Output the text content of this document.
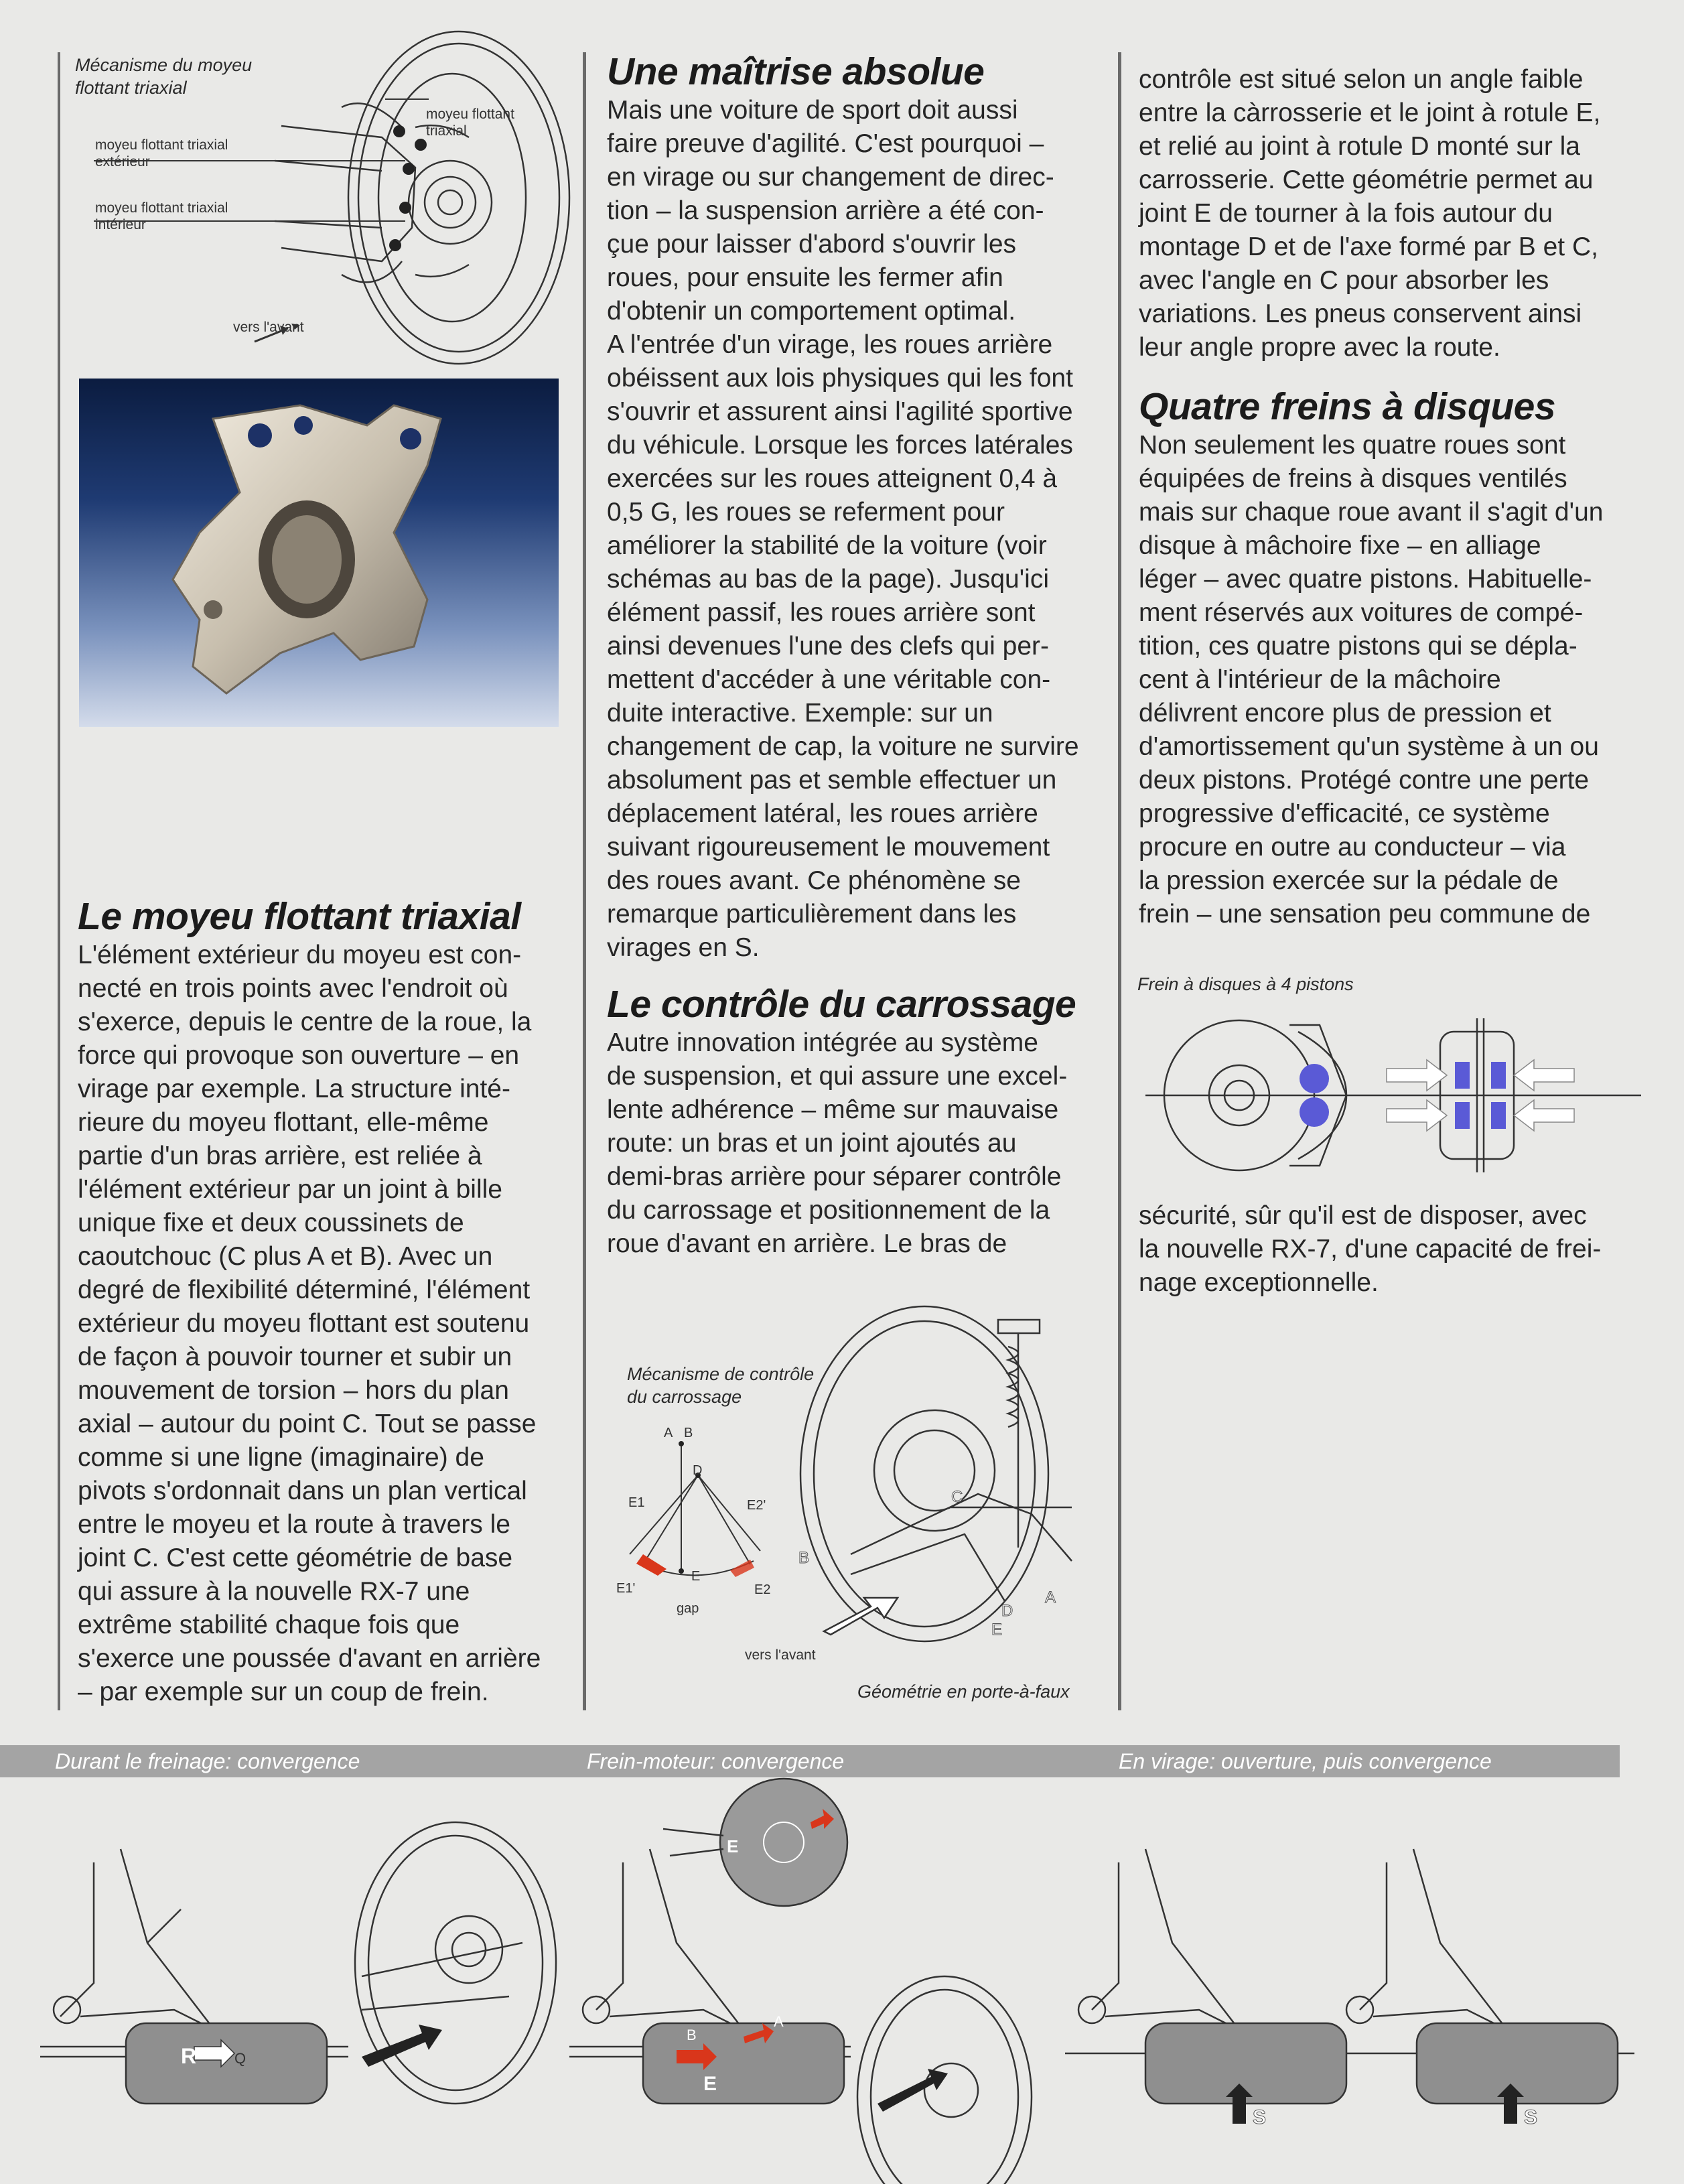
Mécanisme du moyeu
flottant triaxial
moyeu flottant
triaxial
moyeu flottant triaxial
extérieur
moyeu flottant triaxial
intérieur
vers l'avant
Le moyeu flottant triaxial

L'élément extérieur du moyeu est con-
necté en trois points avec l'endroit où
s'exerce, depuis le centre de la roue, la
force qui provoque son ouverture – en
virage par exemple. La structure inté-
rieure du moyeu flottant, elle-même
partie d'un bras arrière, est reliée à
l'élément extérieur par un joint à bille
unique fixe et deux coussinets de
caoutchouc (C plus A et B). Avec un
degré de flexibilité déterminé, l'élément
extérieur du moyeu flottant est soutenu
de façon à pouvoir tourner et subir un
mouvement de torsion – hors du plan
axial – autour du point C. Tout se passe
comme si une ligne (imaginaire) de
pivots s'ordonnait dans un plan vertical
entre le moyeu et la route à travers le
joint C. C'est cette géométrie de base
qui assure à la nouvelle RX-7 une
extrême stabilité chaque fois que
s'exerce une poussée d'avant en arrière
– par exemple sur un coup de frein.

Une maîtrise absolue

Mais une voiture de sport doit aussi
faire preuve d'agilité. C'est pourquoi –
en virage ou sur changement de direc-
tion – la suspension arrière a été con-
çue pour laisser d'abord s'ouvrir les
roues, pour ensuite les fermer afin
d'obtenir un comportement optimal.
A l'entrée d'un virage, les roues arrière
obéissent aux lois physiques qui les font
s'ouvrir et assurent ainsi l'agilité sportive
du véhicule. Lorsque les forces latérales
exercées sur les roues atteignent 0,4 à
0,5 G, les roues se referment pour
améliorer la stabilité de la voiture (voir
schémas au bas de la page). Jusqu'ici
élément passif, les roues arrière sont
ainsi devenues l'une des clefs qui per-
mettent d'accéder à une véritable con-
duite interactive. Exemple: sur un
changement de cap, la voiture ne survire
absolument pas et semble effectuer un
déplacement latéral, les roues arrière
suivant rigoureusement le mouvement
des roues avant. Ce phénomène se
remarque particulièrement dans les
virages en S.

Le contrôle du carrossage

Autre innovation intégrée au système
de suspension, et qui assure une excel-
lente adhérence – même sur mauvaise
route: un bras et un joint ajoutés au
demi-bras arrière pour séparer contrôle
du carrossage et positionnement de la
roue d'avant en arrière. Le bras de

Mécanisme de contrôle
du carrossage
A B
D
E1	E2'
E1'
E
E2
gap
B
C
A
D
E
vers l'avant
Géométrie en porte-à-faux

contrôle est situé selon un angle faible
entre la càrrosserie et le joint à rotule E,
et relié au joint à rotule D monté sur la
carrosserie. Cette géométrie permet au
joint E de tourner à la fois autour du
montage D et de l'axe formé par B et C,
avec l'angle en C pour absorber les
variations. Les pneus conservent ainsi
leur angle propre avec la route.

Quatre freins à disques

Non seulement les quatre roues sont
équipées de freins à disques ventilés
mais sur chaque roue avant il s'agit d'un
disque à mâchoire fixe – en alliage
léger – avec quatre pistons. Habituelle-
ment réservés aux voitures de compé-
tition, ces quatre pistons qui se dépla-
cent à l'intérieur de la mâchoire
délivrent encore plus de pression et
d'amortissement qu'un système à un ou
deux pistons. Protégé contre une perte
progressive d'efficacité, ce système
procure en outre au conducteur – via
la pression exercée sur la pédale de
frein – une sensation peu commune de

Frein à disques à 4 pistons

sécurité, sûr qu'il est de disposer, avec
la nouvelle RX-7, d'une capacité de frei-
nage exceptionnelle.

Durant le freinage: convergence	Frein-moteur: convergence	En virage: ouverture, puis convergence
R	Q
E
E
B
A
S	S
